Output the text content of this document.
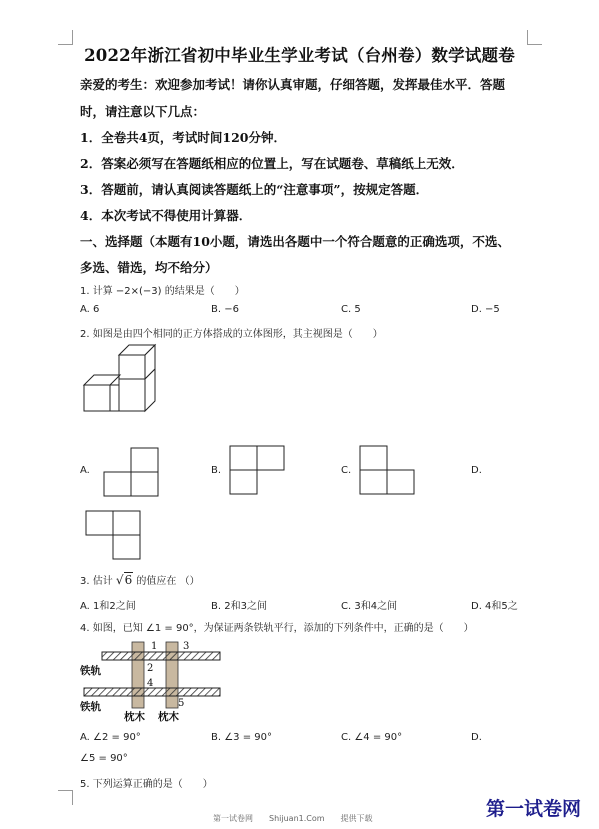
2022年浙江省初中毕业生学业考试（台州卷）数学试题卷
亲爱的考生：欢迎参加考试！请你认真审题，仔细答题，发挥最佳水平．答题
时，请注意以下几点：
1．全卷共4页，考试时间120分钟．
2．答案必须写在答题纸相应的位置上，写在试题卷、草稿纸上无效．
3．答题前，请认真阅读答题纸上的“注意事项”，按规定答题．
4．本次考试不得使用计算器．
一、选择题（本题有10小题，请选出各题中一个符合题意的正确选项，不选、
多选、错选，均不给分）
1. 计算 −2×(−3) 的结果是（　　）
A. 6	B. −6	C. 5	D. −5
2. 如图是由四个相同的正方体搭成的立体图形，其主视图是（　　）
A.	B.	C.	D.
3. 估计 √6 的值应在 （）
A. 1和2之间	B. 2和3之间	C. 3和4之间	D. 4和5之
4. 如图，已知 ∠1 = 90°，为保证两条铁轨平行，添加的下列条件中，正确的是（　　）
1	3
2
4
5
铁轨
铁轨
枕木 枕木
A. ∠2 = 90°	B. ∠3 = 90°	C. ∠4 = 90°	D.
∠5 = 90°
5. 下列运算正确的是（　　）
第一试卷网　　Shijuan1.Com　　提供下载	第一试卷网
